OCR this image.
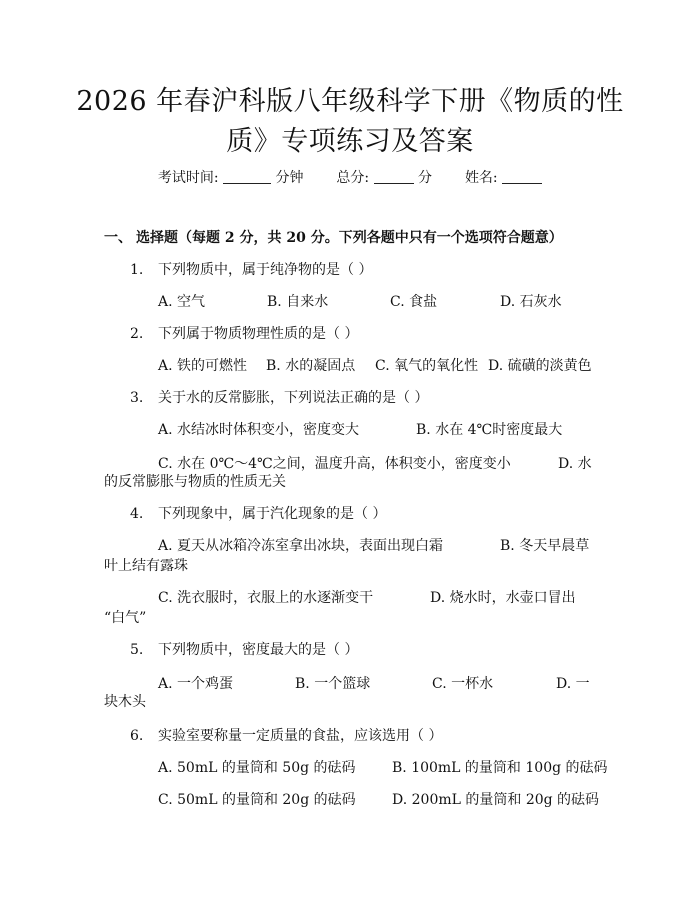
2026 年春沪科版八年级科学下册《物质的性
质》专项练习及答案
考试时间:	分钟 总分:	分 姓名:
一、 选择题（每题 2 分，共 20 分。下列各题中只有一个选项符合题意）
1. 下列物质中，属于纯净物的是（ ）
A. 空气	B. 自来水	C. 食盐	D. 石灰水
2. 下列属于物质物理性质的是（ ）
A. 铁的可燃性 B. 水的凝固点 C. 氧气的氧化性 D. 硫磺的淡黄色
3. 关于水的反常膨胀，下列说法正确的是（ ）
A. 水结冰时体积变小，密度变大	B. 水在 4℃时密度最大
C. 水在 0℃～4℃之间，温度升高，体积变小，密度变小	D. 水
的反常膨胀与物质的性质无关
4. 下列现象中，属于汽化现象的是（ ）
A. 夏天从冰箱冷冻室拿出冰块，表面出现白霜	B. 冬天早晨草
叶上结有露珠
C. 洗衣服时，衣服上的水逐渐变干	D. 烧水时，水壶口冒出
“白气”
5. 下列物质中，密度最大的是（ ）
A. 一个鸡蛋	B. 一个篮球	C. 一杯水	D. 一
块木头
6. 实验室要称量一定质量的食盐，应该选用（ ）
A. 50mL 的量筒和 50g 的砝码	B. 100mL 的量筒和 100g 的砝码
C. 50mL 的量筒和 20g 的砝码	D. 200mL 的量筒和 20g 的砝码
